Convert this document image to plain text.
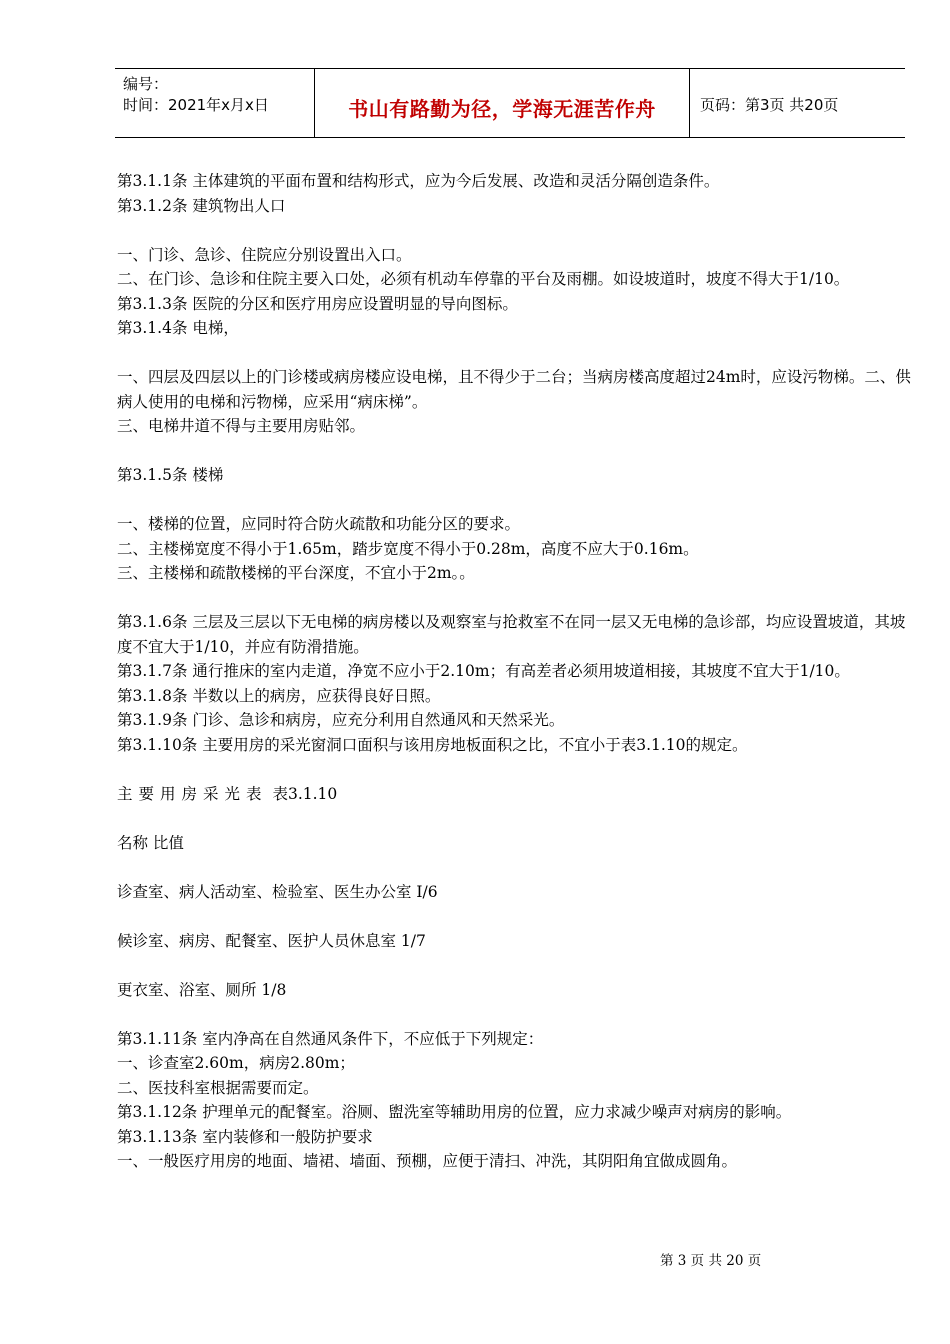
编号：
时间：2021年x月x日	书山有路勤为径，学海无涯苦作舟	页码：第3页 共20页
第3.1.1条 主体建筑的平面布置和结构形式，应为今后发展、改造和灵活分隔创造条件。
第3.1.2条 建筑物出人口
一、门诊、急诊、住院应分别设置出入口。
二、在门诊、急诊和住院主要入口处，必须有机动车停靠的平台及雨棚。如设坡道时，坡度不得大于1/10。
第3.1.3条 医院的分区和医疗用房应设置明显的导向图标。
第3.1.4条 电梯，
一、四层及四层以上的门诊楼或病房楼应设电梯，且不得少于二台；当病房楼高度超过24m时，应设污物梯。二、供病人使用的电梯和污物梯，应采用“病床梯”。
三、电梯井道不得与主要用房贴邻。
第3.1.5条 楼梯
一、楼梯的位置，应同时符合防火疏散和功能分区的要求。
二、主楼梯宽度不得小于1.65m，踏步宽度不得小于0.28m，高度不应大于0.16m。
三、主楼梯和疏散楼梯的平台深度，不宜小于2m。。
第3.1.6条 三层及三层以下无电梯的病房楼以及观察室与抢救室不在同一层又无电梯的急诊部，均应设置坡道，其坡度不宜大于1/10，并应有防滑措施。
第3.1.7条 通行推床的室内走道，净宽不应小于2.10m；有高差者必须用坡道相接，其坡度不宜大于1/10。
第3.1.8条 半数以上的病房，应获得良好日照。
第3.1.9条 门诊、急诊和病房，应充分利用自然通风和天然采光。
第3.1.10条 主要用房的采光窗洞口面积与该用房地板面积之比，不宜小于表3.1.10的规定。
主要用房采光表 表3.1.10
名称 比值
诊查室、病人活动室、检验室、医生办公室 I/6
候诊室、病房、配餐室、医护人员休息室 1/7
更衣室、浴室、厕所 1/8
第3.1.11条 室内净高在自然通风条件下，不应低于下列规定：
一、诊查室2.60m，病房2.80m；
二、医技科室根据需要而定。
第3.1.12条 护理单元的配餐室。浴厕、盥洗室等辅助用房的位置，应力求减少噪声对病房的影响。
第3.1.13条 室内装修和一般防护要求
一、一般医疗用房的地面、墙裙、墙面、预棚，应便于清扫、冲洗，其阴阳角宜做成圆角。
第 3 页 共 20 页
